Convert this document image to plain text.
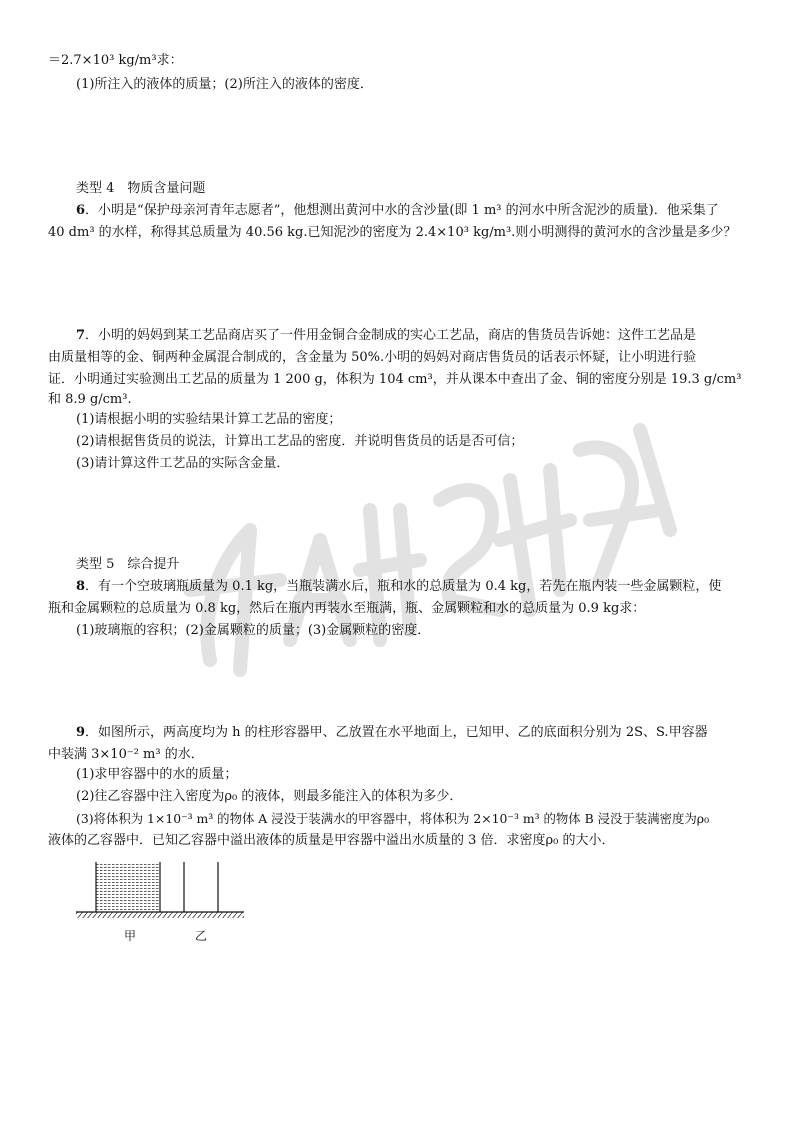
＝2.7×10³ kg/m³求：
(1)所注入的液体的质量；(2)所注入的液体的密度．
类型 4　物质含量问题
6．小明是“保护母亲河青年志愿者”，他想测出黄河中水的含沙量(即 1 m³ 的河水中所含泥沙的质量)．他采集了
40 dm³ 的水样，称得其总质量为 40.56 kg.已知泥沙的密度为 2.4×10³ kg/m³.则小明测得的黄河水的含沙量是多少？
7．小明的妈妈到某工艺品商店买了一件用金铜合金制成的实心工艺品，商店的售货员告诉她：这件工艺品是
由质量相等的金、铜两种金属混合制成的，含金量为 50%.小明的妈妈对商店售货员的话表示怀疑，让小明进行验
证．小明通过实验测出工艺品的质量为 1 200 g，体积为 104 cm³，并从课本中查出了金、铜的密度分别是 19.3 g/cm³
和 8.9 g/cm³.
(1)请根据小明的实验结果计算工艺品的密度；
(2)请根据售货员的说法，计算出工艺品的密度．并说明售货员的话是否可信；
(3)请计算这件工艺品的实际含金量．
类型 5　综合提升
8．有一个空玻璃瓶质量为 0.1 kg，当瓶装满水后，瓶和水的总质量为 0.4 kg，若先在瓶内装一些金属颗粒，使
瓶和金属颗粒的总质量为 0.8 kg，然后在瓶内再装水至瓶满，瓶、金属颗粒和水的总质量为 0.9 kg求：
(1)玻璃瓶的容积；(2)金属颗粒的质量；(3)金属颗粒的密度．
9．如图所示，两高度均为 h 的柱形容器甲、乙放置在水平地面上，已知甲、乙的底面积分别为 2S、S.甲容器
中装满 3×10⁻² m³ 的水．
(1)求甲容器中的水的质量；
(2)往乙容器中注入密度为ρ₀ 的液体，则最多能注入的体积为多少．
(3)将体积为 1×10⁻³ m³ 的物体 A 浸没于装满水的甲容器中，将体积为 2×10⁻³ m³ 的物体 B 浸没于装满密度为ρ₀
液体的乙容器中．已知乙容器中溢出液体的质量是甲容器中溢出水质量的 3 倍．求密度ρ₀ 的大小．
甲	乙
